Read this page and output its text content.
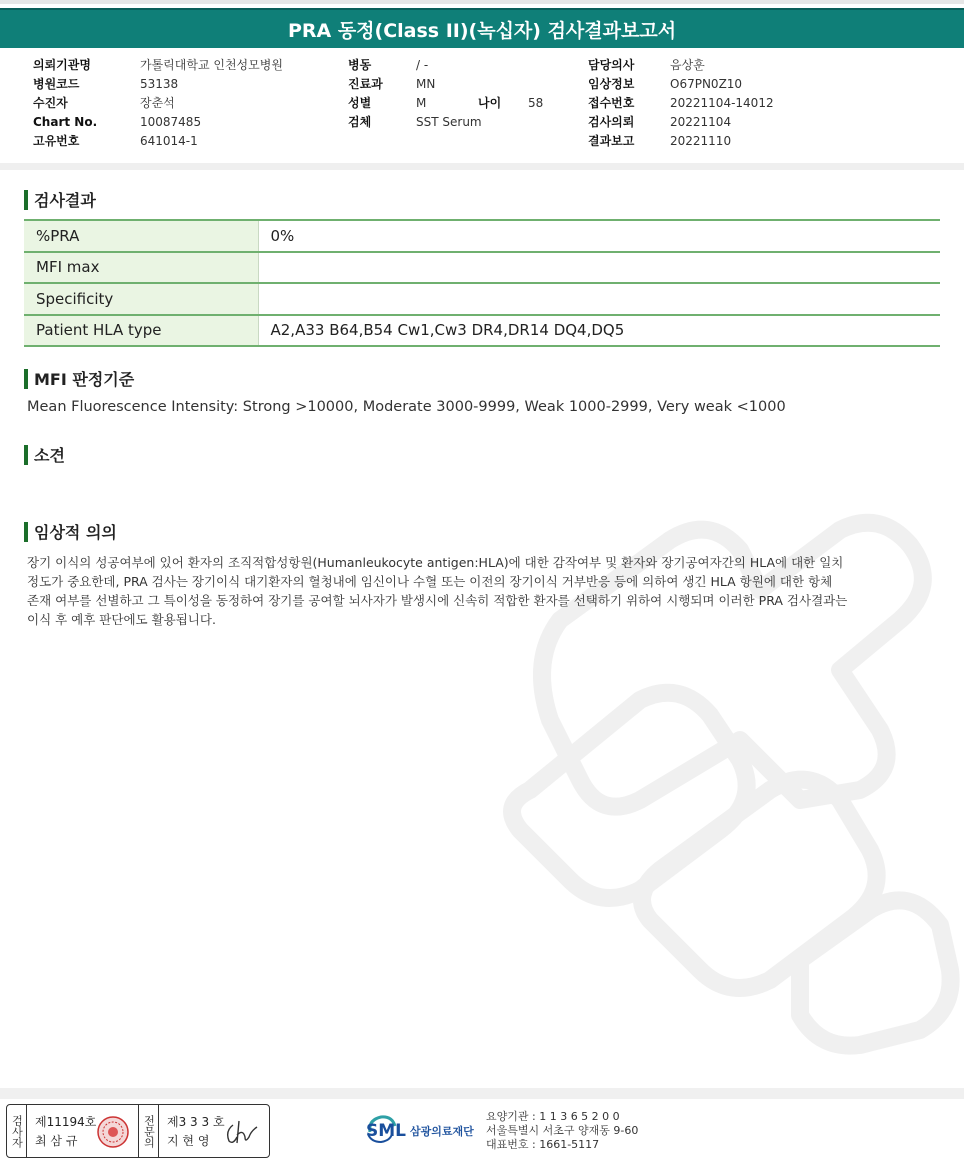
PRA 동정(Class II)(녹십자) 검사결과보고서
의뢰기관명	가톨릭대학교 인천성모병원
병원코드	53138
수진자	장춘석
Chart No.	10087485
고유번호	641014-1
병동	/ -
진료과	MN
성별	M	나이	58
검체	SST Serum
담당의사	음상훈
임상정보	O67PN0Z10
접수번호	20221104-14012
검사의뢰	20221104
결과보고	20221110
검사결과
%PRA	0%
MFI max	
Specificity	
Patient HLA type	A2,A33 B64,B54 Cw1,Cw3 DR4,DR14 DQ4,DQ5
MFI 판정기준
Mean Fluorescence Intensity: Strong >10000, Moderate 3000-9999, Weak 1000-2999, Very weak <1000
소견
임상적 의의

장기 이식의 성공여부에 있어 환자의 조직적합성항원(Humanleukocyte antigen:HLA)에 대한 감작여부 및 환자와 장기공여자간의 HLA에 대한 일치

정도가 중요한데, PRA 검사는 장기이식 대기환자의 혈청내에 임신이나 수혈 또는 이전의 장기이식 거부반응 등에 의하여 생긴 HLA 항원에 대한 항체

존재 여부를 선별하고 그 특이성을 동정하여 장기를 공여할 뇌사자가 발생시에 신속히 적합한 환자를 선택하기 위하여 시행되며 이러한 PRA 검사결과는

이식 후 예후 판단에도 활용됩니다.

검사자 제11194호
최 삼 규	전문의 제3 3 3 호
지 현 영	SML 삼광의료재단
요양기관 : 1 1 3 6 5 2 0 0
서울특별시 서초구 양재동 9-60
대표번호 : 1661-5117
